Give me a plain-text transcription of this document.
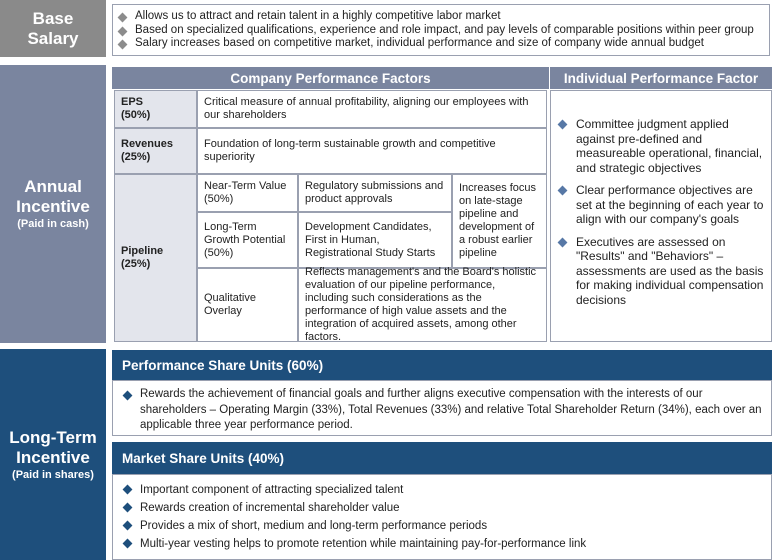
Base
Salary
Allows us to attract and retain talent in a highly competitive labor market
Based on specialized qualifications, experience and role impact, and pay levels of comparable positions within peer group
Salary increases based on competitive market, individual performance and size of company wide annual budget
Annual
Incentive
(Paid in cash)
Company Performance Factors	Individual Performance Factor
EPS
(50%)
Critical measure of annual profitability, aligning our employees with our shareholders
Revenues
(25%)
Foundation of long-term sustainable growth and competitive superiority
Pipeline
(25%)
Near-Term Value (50%)
Regulatory submissions and product approvals
Long-Term Growth Potential (50%)
Development Candidates, First in Human, Registrational Study Starts
Increases focus on late-stage pipeline and development of a robust earlier pipeline
Qualitative Overlay
Reflects management's and the Board's holistic evaluation of our pipeline performance, including such considerations as the performance of high value assets and the integration of acquired assets, among other factors.
Committee judgment applied against pre-defined and measureable operational, financial, and strategic objectives
Clear performance objectives are set at the beginning of each year to align with our company's goals
Executives are assessed on "Results" and "Behaviors" – assessments are used as the basis for making individual compensation decisions
Long-Term
Incentive
(Paid in shares)
Performance Share Units (60%)
Rewards the achievement of financial goals and further aligns executive compensation with the interests of our shareholders – Operating Margin (33%), Total Revenues (33%) and relative Total Shareholder Return (34%), each over an applicable three year performance period.
Market Share Units (40%)
Important component of attracting specialized talent
Rewards creation of incremental shareholder value
Provides a mix of short, medium and long-term performance periods
Multi-year vesting helps to promote retention while maintaining pay-for-performance link
